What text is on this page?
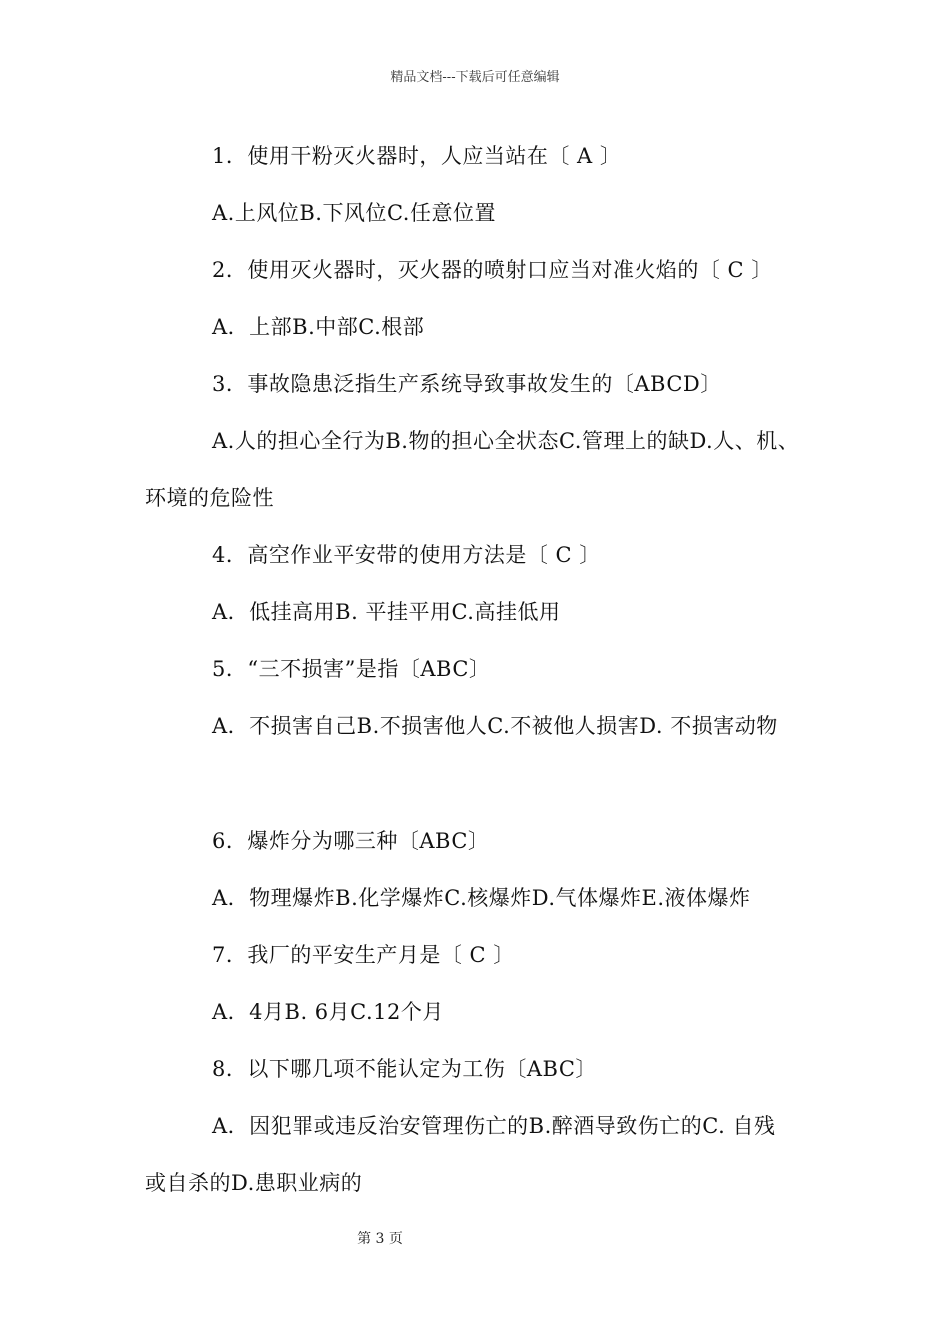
精品文档---下载后可任意编辑
1．使用干粉灭火器时，人应当站在〔 A 〕
A.上风位B.下风位C.任意位置
2．使用灭火器时，灭火器的喷射口应当对准火焰的〔 C 〕
A．上部B.中部C.根部
3．事故隐患泛指生产系统导致事故发生的〔ABCD〕
A.人的担心全行为B.物的担心全状态C.管理上的缺D.人、机、
环境的危险性
4．高空作业平安带的使用方法是〔 C 〕
A．低挂高用B. 平挂平用C.高挂低用
5．“三不损害”是指〔ABC〕
A．不损害自己B.不损害他人C.不被他人损害D. 不损害动物
6．爆炸分为哪三种〔ABC〕
A．物理爆炸B.化学爆炸C.核爆炸D.气体爆炸E.液体爆炸
7．我厂的平安生产月是〔 C 〕
A．4月B. 6月C.12个月
8．以下哪几项不能认定为工伤〔ABC〕
A．因犯罪或违反治安管理伤亡的B.醉酒导致伤亡的C. 自残
或自杀的D.患职业病的
第 3 页
